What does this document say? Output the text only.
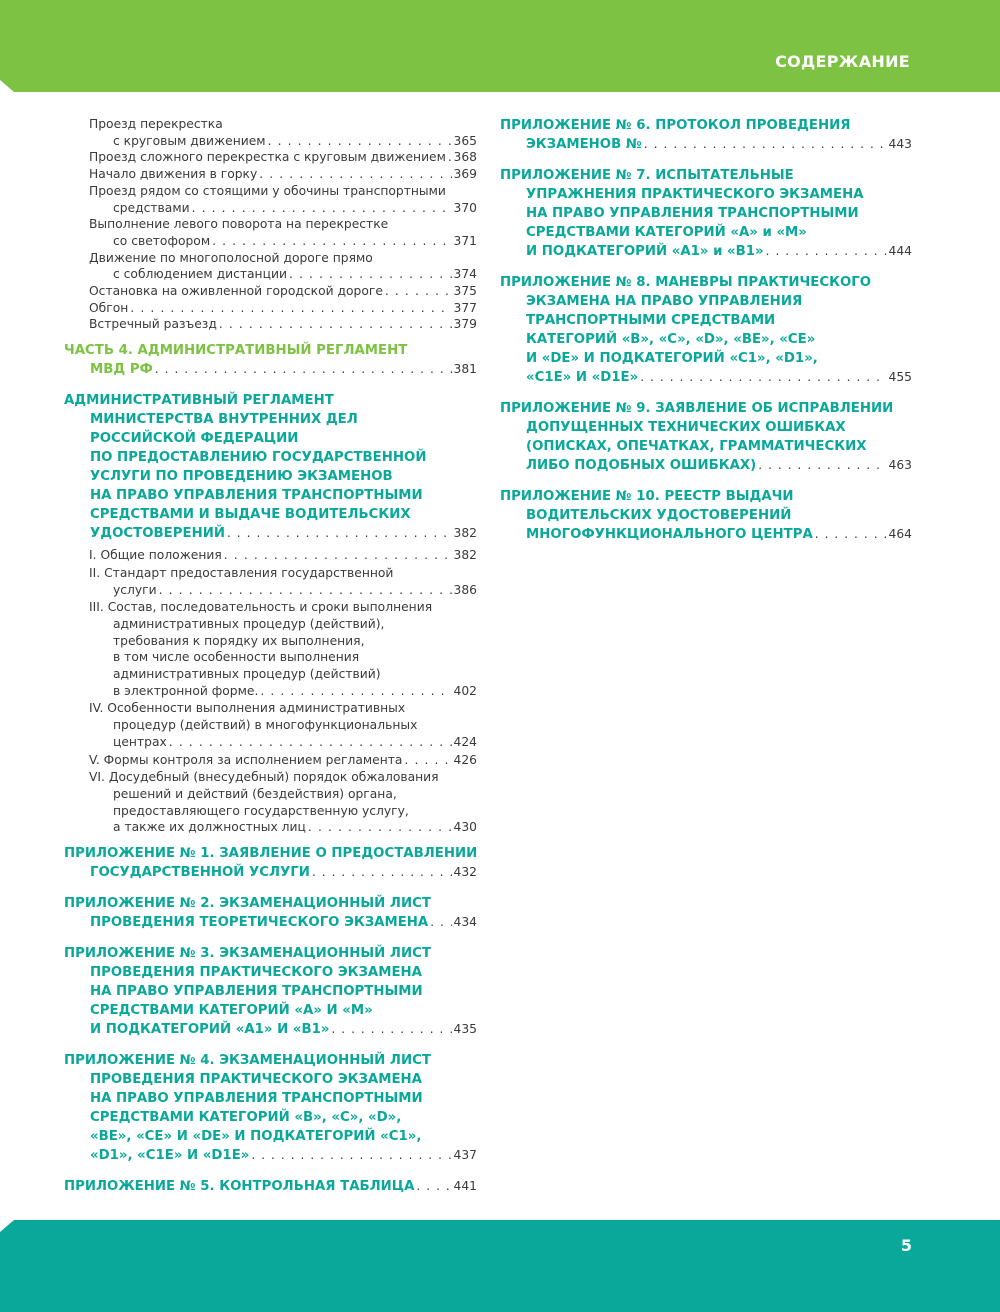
СОДЕРЖАНИЕ
Проезд перекрестка
с круговым движением . . .	365
Проезд сложного перекрестка с круговым движением . . . 368
Начало движения в горку . . .	369
Проезд рядом со стоящими у обочины транспортными
средствами . . .	370
Выполнение левого поворота на перекрестке
со светофором . . .	371
Движение по многополосной дороге прямо
с соблюдением дистанции . . .	374
Остановка на оживленной городской дороге . . .	375
Обгон . . .	377
Встречный разъезд . . .	379
ЧАСТЬ 4. АДМИНИСТРАТИВНЫЙ РЕГЛАМЕНТ
МВД РФ . . .	381
АДМИНИСТРАТИВНЫЙ РЕГЛАМЕНТ
МИНИСТЕРСТВА ВНУТРЕННИХ ДЕЛ
РОССИЙСКОЙ ФЕДЕРАЦИИ
ПО ПРЕДОСТАВЛЕНИЮ ГОСУДАРСТВЕННОЙ
УСЛУГИ ПО ПРОВЕДЕНИЮ ЭКЗАМЕНОВ
НА ПРАВО УПРАВЛЕНИЯ ТРАНСПОРТНЫМИ
СРЕДСТВАМИ И ВЫДАЧЕ ВОДИТЕЛЬСКИХ
УДОСТОВЕРЕНИЙ . . .	382
I. Общие положения . . .	382
II. Стандарт предоставления государственной
услуги . . .	386
III. Состав, последовательность и сроки выполнения
административных процедур (действий),
требования к порядку их выполнения,
в том числе особенности выполнения
административных процедур (действий)
в электронной форме. . . .	402
IV. Особенности выполнения административных
процедур (действий) в многофункциональных
центрах . . .	424
V. Формы контроля за исполнением регламента . . .	426
VI. Досудебный (внесудебный) порядок обжалования
решений и действий (бездействия) органа,
предоставляющего государственную услугу,
а также их должностных лиц . . .	430
ПРИЛОЖЕНИЕ № 1. ЗАЯВЛЕНИЕ О ПРЕДОСТАВЛЕНИИ
ГОСУДАРСТВЕННОЙ УСЛУГИ . . .	432
ПРИЛОЖЕНИЕ № 2. ЭКЗАМЕНАЦИОННЫЙ ЛИСТ
ПРОВЕДЕНИЯ ТЕОРЕТИЧЕСКОГО ЭКЗАМЕНА . . . 434
ПРИЛОЖЕНИЕ № 3. ЭКЗАМЕНАЦИОННЫЙ ЛИСТ
ПРОВЕДЕНИЯ ПРАКТИЧЕСКОГО ЭКЗАМЕНА
НА ПРАВО УПРАВЛЕНИЯ ТРАНСПОРТНЫМИ
СРЕДСТВАМИ КАТЕГОРИЙ «А» И «М»
И ПОДКАТЕГОРИЙ «А1» И «В1» . . .	435
ПРИЛОЖЕНИЕ № 4. ЭКЗАМЕНАЦИОННЫЙ ЛИСТ
ПРОВЕДЕНИЯ ПРАКТИЧЕСКОГО ЭКЗАМЕНА
НА ПРАВО УПРАВЛЕНИЯ ТРАНСПОРТНЫМИ
СРЕДСТВАМИ КАТЕГОРИЙ «В», «С», «D»,
«ВЕ», «СЕ» И «DE» И ПОДКАТЕГОРИЙ «С1»,
«D1», «С1Е» И «D1E» . . .	437
ПРИЛОЖЕНИЕ № 5. КОНТРОЛЬНАЯ ТАБЛИЦА . . .	441
ПРИЛОЖЕНИЕ № 6. ПРОТОКОЛ ПРОВЕДЕНИЯ
ЭКЗАМЕНОВ № . . .	443
ПРИЛОЖЕНИЕ № 7. ИСПЫТАТЕЛЬНЫЕ
УПРАЖНЕНИЯ ПРАКТИЧЕСКОГО ЭКЗАМЕНА
НА ПРАВО УПРАВЛЕНИЯ ТРАНСПОРТНЫМИ
СРЕДСТВАМИ КАТЕГОРИЙ «А» и «М»
И ПОДКАТЕГОРИЙ «А1» и «В1» . . .	444
ПРИЛОЖЕНИЕ № 8. МАНЕВРЫ ПРАКТИЧЕСКОГО
ЭКЗАМЕНА НА ПРАВО УПРАВЛЕНИЯ
ТРАНСПОРТНЫМИ СРЕДСТВАМИ
КАТЕГОРИЙ «В», «С», «D», «ВЕ», «СЕ»
И «DE» И ПОДКАТЕГОРИЙ «С1», «D1»,
«С1Е» И «D1E» . . .	455
ПРИЛОЖЕНИЕ № 9. ЗАЯВЛЕНИЕ ОБ ИСПРАВЛЕНИИ
ДОПУЩЕННЫХ ТЕХНИЧЕСКИХ ОШИБКАХ
(ОПИСКАХ, ОПЕЧАТКАХ, ГРАММАТИЧЕСКИХ
ЛИБО ПОДОБНЫХ ОШИБКАХ) . . .	463
ПРИЛОЖЕНИЕ № 10. РЕЕСТР ВЫДАЧИ
ВОДИТЕЛЬСКИХ УДОСТОВЕРЕНИЙ
МНОГОФУНКЦИОНАЛЬНОГО ЦЕНТРА . . .	464
5
